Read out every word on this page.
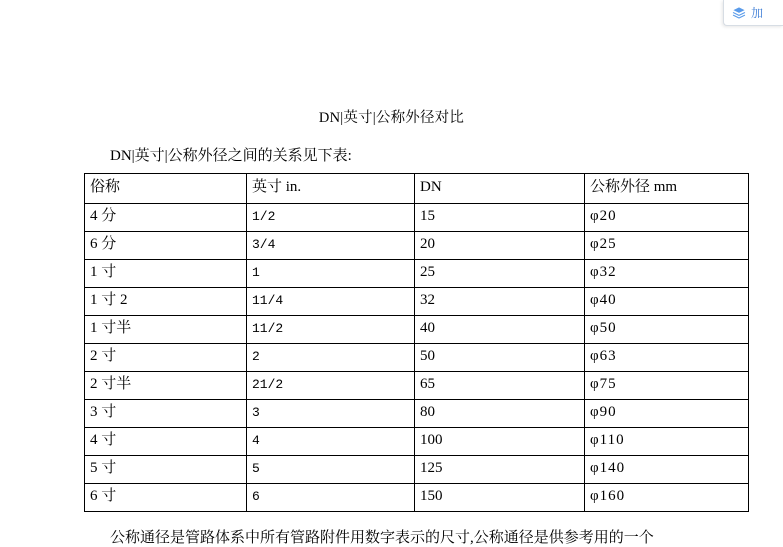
加
DN|英寸|公称外径对比
DN|英寸|公称外径之间的关系见下表:
俗称	英寸 in.	DN	公称外径 mm
4 分	1/2	15	φ20
6 分	3/4	20	φ25
1 寸	1	25	φ32
1 寸 2	11/4	32	φ40
1 寸半	11/2	40	φ50
2 寸	2	50	φ63
2 寸半	21/2	65	φ75
3 寸	3	80	φ90
4 寸	4	100	φ110
5 寸	5	125	φ140
6 寸	6	150	φ160
公称通径是管路体系中所有管路附件用数字表示的尺寸,公称通径是供参考用的一个
